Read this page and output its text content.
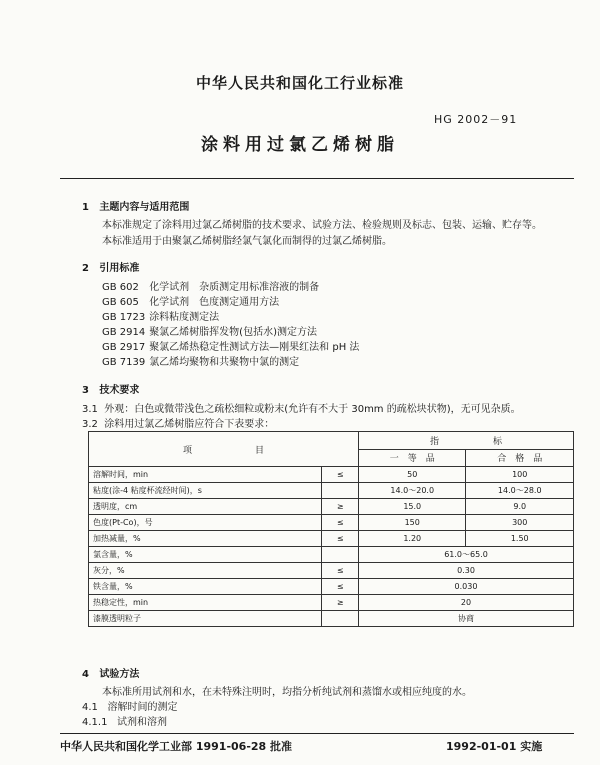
中华人民共和国化工行业标准
HG 2002－91
涂料用过氯乙烯树脂
1 主题内容与适用范围
本标准规定了涂料用过氯乙烯树脂的技术要求、试验方法、检验规则及标志、包装、运输、贮存等。
本标准适用于由聚氯乙烯树脂经氯气氯化而制得的过氯乙烯树脂。
2 引用标准
GB 602 化学试剂　杂质测定用标准溶液的制备
GB 605 化学试剂　色度测定通用方法
GB 1723 涂料粘度测定法
GB 2914 聚氯乙烯树脂挥发物(包括水)测定方法
GB 2917 聚氯乙烯热稳定性测试方法—刚果红法和 pH 法
GB 7139 氯乙烯均聚物和共聚物中氯的测定
3 技术要求
3.1 外观：白色或微带浅色之疏松细粒或粉末(允许有不大于 30mm 的疏松块状物)，无可见杂质。
3.2 涂料用过氯乙烯树脂应符合下表要求：
项　　　　　　　目		指　　　　　　标	
		一　等　品	合　格　品
溶解时间，min	≤	50	100
粘度(涂-4 粘度杯流经时间)，s		14.0～20.0	14.0～28.0
透明度，cm	≥	15.0	9.0
色度(Pt-Co)，号	≤	150	300
加热减量，%	≤	1.20	1.50
氯含量，%		61.0～65.0	
灰分，%	≤	0.30	
铁含量，%	≤	0.030	
热稳定性，min	≥	20	
漆膜透明粒子		协商	
4 试验方法
本标准所用试剂和水，在未特殊注明时，均指分析纯试剂和蒸馏水或相应纯度的水。
4.1 溶解时间的测定
4.1.1 试剂和溶剂
中华人民共和国化学工业部 1991-06-28 批准	1992-01-01 实施
